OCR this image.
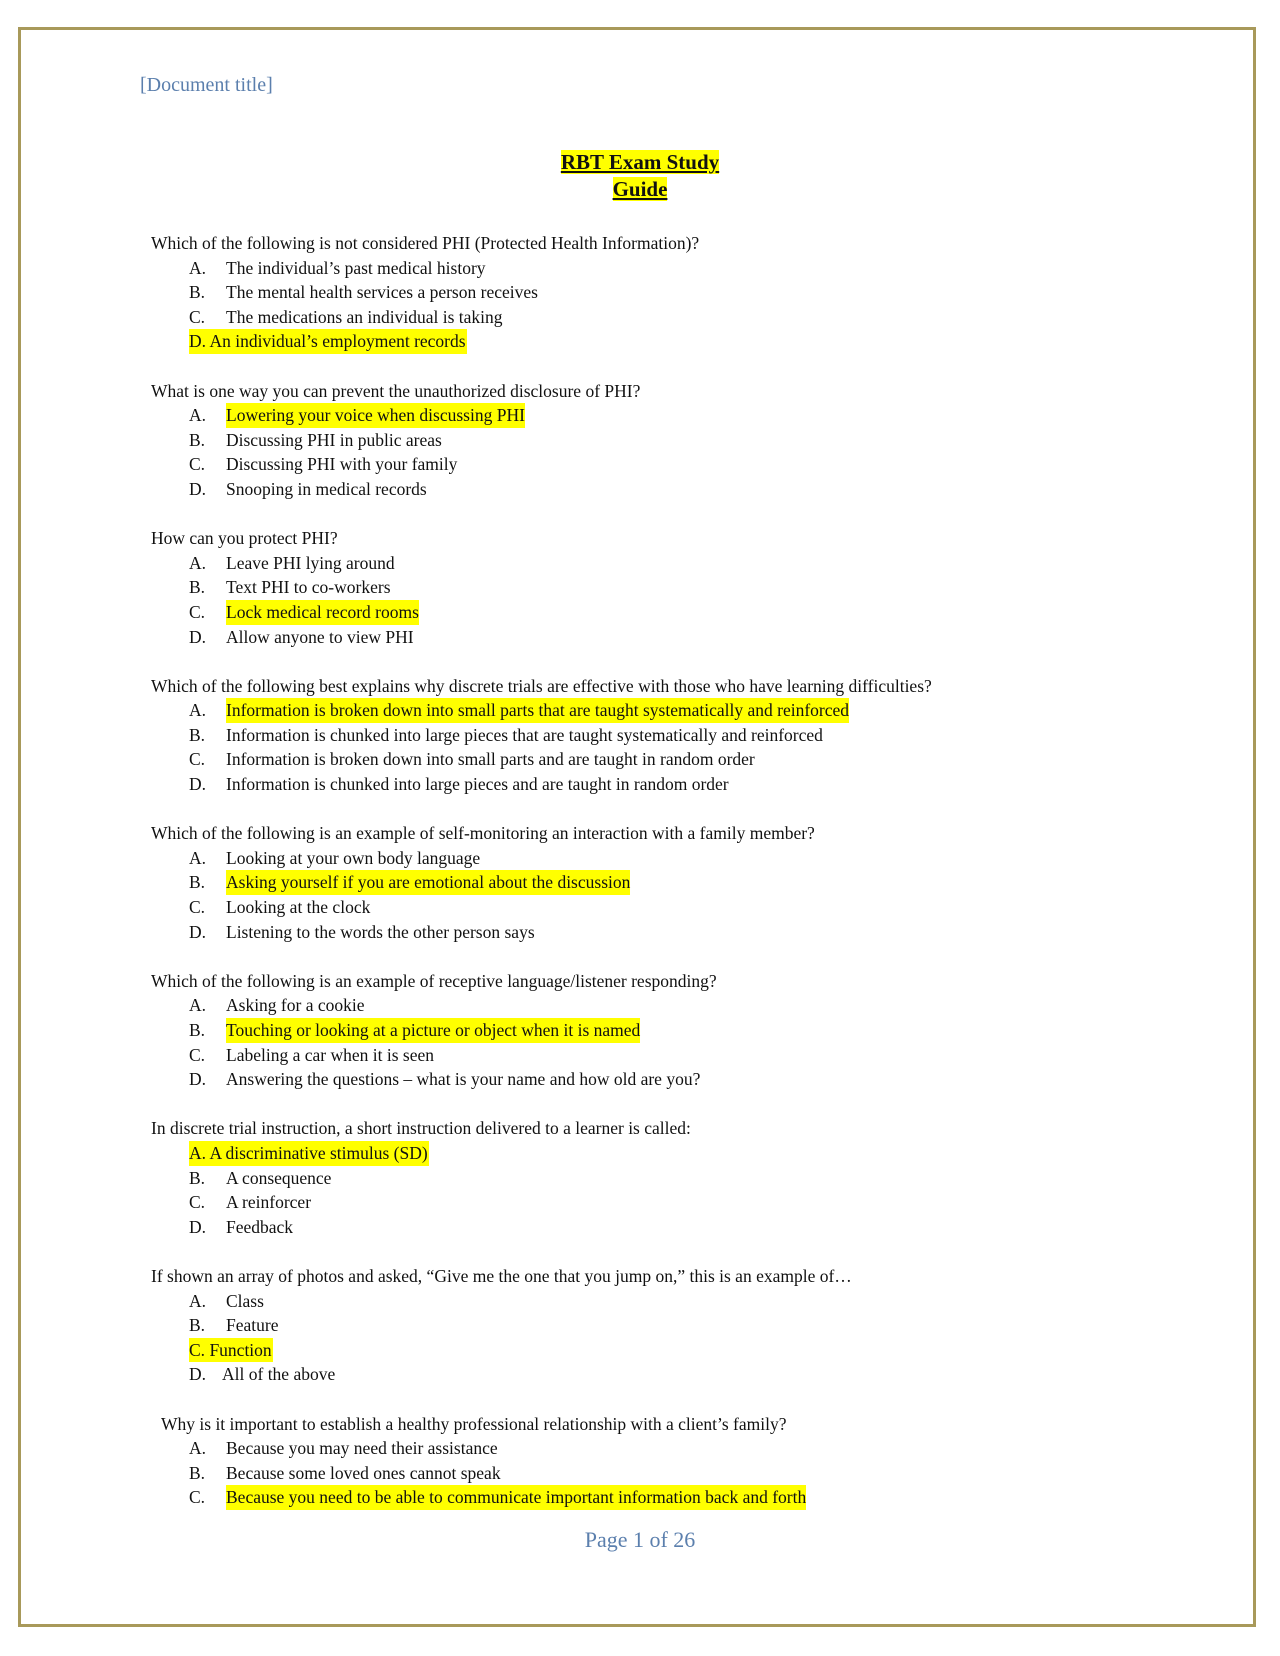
[Document title]
RBT Exam Study
Guide
Which of the following is not considered PHI (Protected Health Information)?
A.	The individual’s past medical history
B.	The mental health services a person receives
C.	The medications an individual is taking
D. An individual’s employment records
What is one way you can prevent the unauthorized disclosure of PHI?
A.	Lowering your voice when discussing PHI
B.	Discussing PHI in public areas
C.	Discussing PHI with your family
D.	Snooping in medical records
How can you protect PHI?
A.	Leave PHI lying around
B.	Text PHI to co-workers
C.	Lock medical record rooms
D.	Allow anyone to view PHI
Which of the following best explains why discrete trials are effective with those who have learning difficulties?
A.	Information is broken down into small parts that are taught systematically and reinforced
B.	Information is chunked into large pieces that are taught systematically and reinforced
C.	Information is broken down into small parts and are taught in random order
D.	Information is chunked into large pieces and are taught in random order
Which of the following is an example of self-monitoring an interaction with a family member?
A.	Looking at your own body language
B.	Asking yourself if you are emotional about the discussion
C.	Looking at the clock
D.	Listening to the words the other person says
Which of the following is an example of receptive language/listener responding?
A.	Asking for a cookie
B.	Touching or looking at a picture or object when it is named
C.	Labeling a car when it is seen
D.	Answering the questions – what is your name and how old are you?
In discrete trial instruction, a short instruction delivered to a learner is called:
A. A discriminative stimulus (SD)
B.	A consequence
C.	A reinforcer
D.	Feedback
If shown an array of photos and asked, “Give me the one that you jump on,” this is an example of…
A.	Class
B.	Feature
C. Function
D. All of the above
Why is it important to establish a healthy professional relationship with a client’s family?
A.	Because you may need their assistance
B.	Because some loved ones cannot speak
C.	Because you need to be able to communicate important information back and forth
Page 1 of 26
